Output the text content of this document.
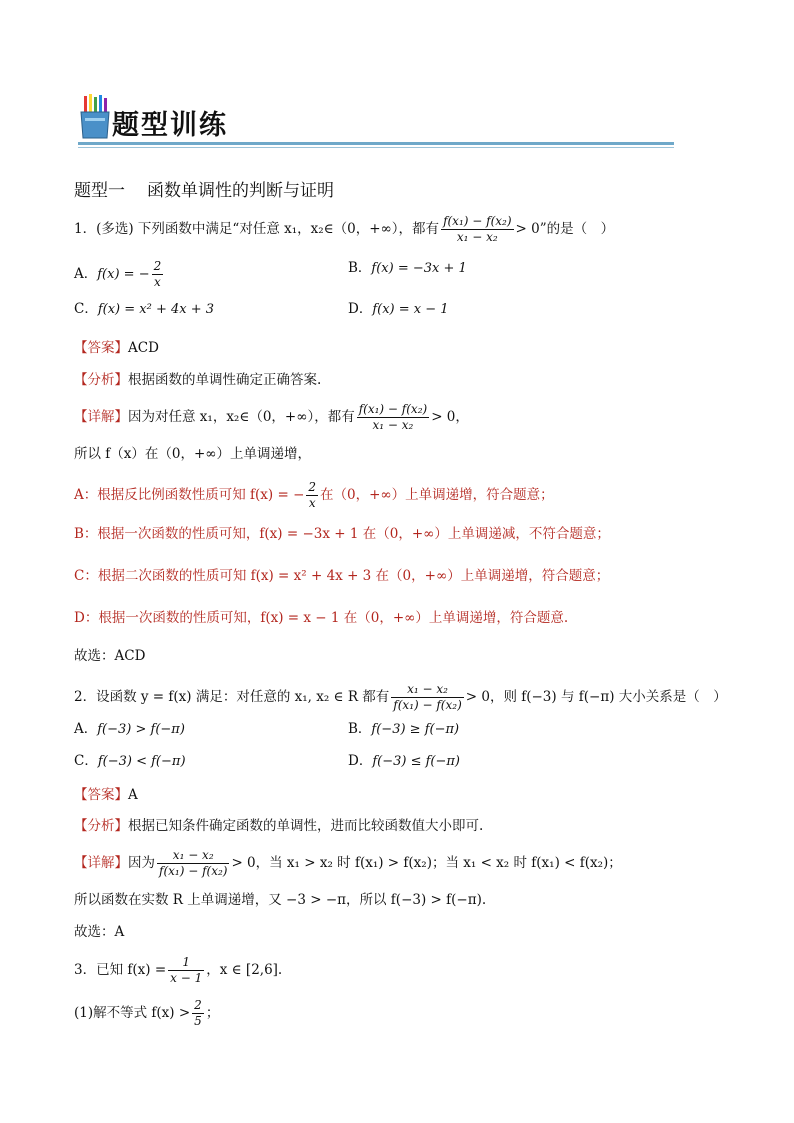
题型训练
题型一 函数单调性的判断与证明
1．(多选) 下列函数中满足“对任意 x₁，x₂∈（0，+∞），都有 $\frac{\text{f(x₁) − f(x₂)}}{\text{x₁ − x₂}} > 0$”的是（　）
A．f(x) = − $\frac{2}{x}$	B．f(x) = −3x + 1
C．f(x) = x² + 4x + 3	D．f(x) = x − 1
【答案】ACD
【分析】根据函数的单调性确定正确答案.
【详解】因为对任意 x₁，x₂∈（0，+∞），都有 $\frac{\text{f(x₁) − f(x₂)}}{\text{x₁ − x₂}} > 0$，
所以 f（x）在（0，+∞）上单调递增，
A：根据反比例函数性质可知 f(x) = − $\frac{2}{x}$ 在（0，+∞）上单调递增，符合题意；
B：根据一次函数的性质可知，f(x) = −3x + 1 在（0，+∞）上单调递减，不符合题意；
C：根据二次函数的性质可知 f(x) = x² + 4x + 3 在（0，+∞）上单调递增，符合题意；
D：根据一次函数的性质可知，f(x) = x − 1 在（0，+∞）上单调递增，符合题意.
故选：ACD
2．设函数 y = f(x) 满足：对任意的 x₁, x₂ ∈ R 都有 $\frac{\text{x₁ − x₂}}{\text{f(x₁) − f(x₂)}} > 0$，则 f(−3) 与 f(−π) 大小关系是（　）
A．f(−3) > f(−π)	B．f(−3) ≥ f(−π)
C．f(−3) < f(−π)	D．f(−3) ≤ f(−π)
【答案】A
【分析】根据已知条件确定函数的单调性，进而比较函数值大小即可.
【详解】因为 $\frac{\text{x₁ − x₂}}{\text{f(x₁) − f(x₂)}} > 0$，当 x₁ > x₂ 时 f(x₁) > f(x₂)；当 x₁ < x₂ 时 f(x₁) < f(x₂)；
所以函数在实数 R 上单调递增，又 −3 > −π，所以 f(−3) > f(−π).
故选：A
3．已知 $f(x) = \frac{1}{x - 1}$ ，x ∈ [2,6].
(1)解不等式 $f(x) > \frac{2}{5}$ ；
